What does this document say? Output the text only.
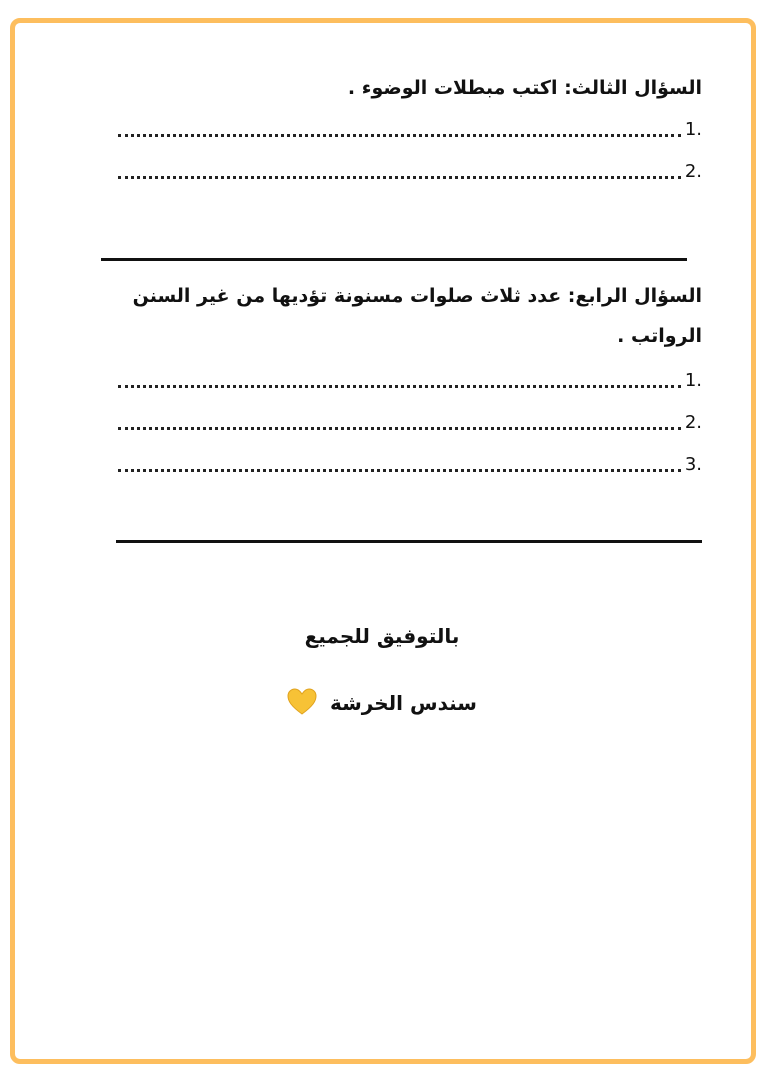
السؤال الثالث: اكتب مبطلات الوضوء .
1.
2.
السؤال الرابع: عدد ثلاث صلوات مسنونة تؤديها من غير السنن الرواتب .
1.
2.
3.
بالتوفيق للجميع
سندس الخرشة
